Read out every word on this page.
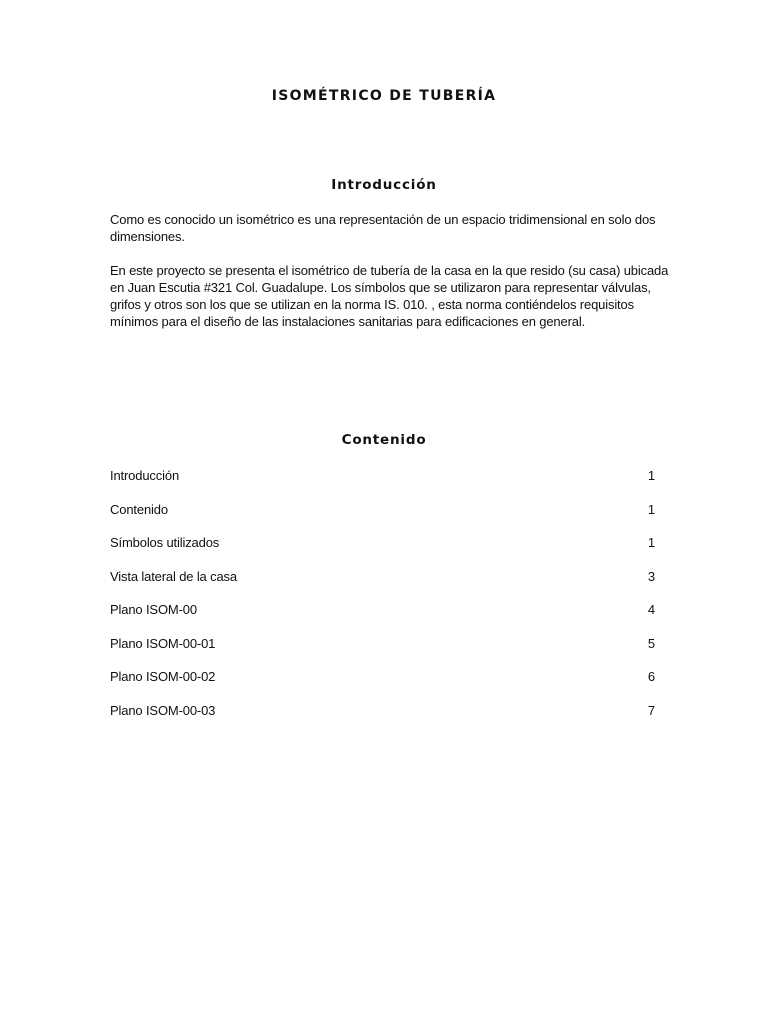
ISOMÉTRICO DE TUBERÍA
Introducción

Como es conocido un isométrico es una representación de un espacio tridimensional en solo dos dimensiones.

En este proyecto se presenta el isométrico de tubería de la casa en la que resido (su casa) ubicada en Juan Escutia #321 Col. Guadalupe. Los símbolos que se utilizaron para representar válvulas, grifos y otros son los que se utilizan en la norma IS. 010. , esta norma contiéndelos requisitos mínimos para el diseño de las instalaciones sanitarias para edificaciones en general.

Contenido
Introducción	1
Contenido	1
Símbolos utilizados	1
Vista lateral de la casa	3
Plano ISOM-00	4
Plano ISOM-00-01	5
Plano ISOM-00-02	6
Plano ISOM-00-03	7
